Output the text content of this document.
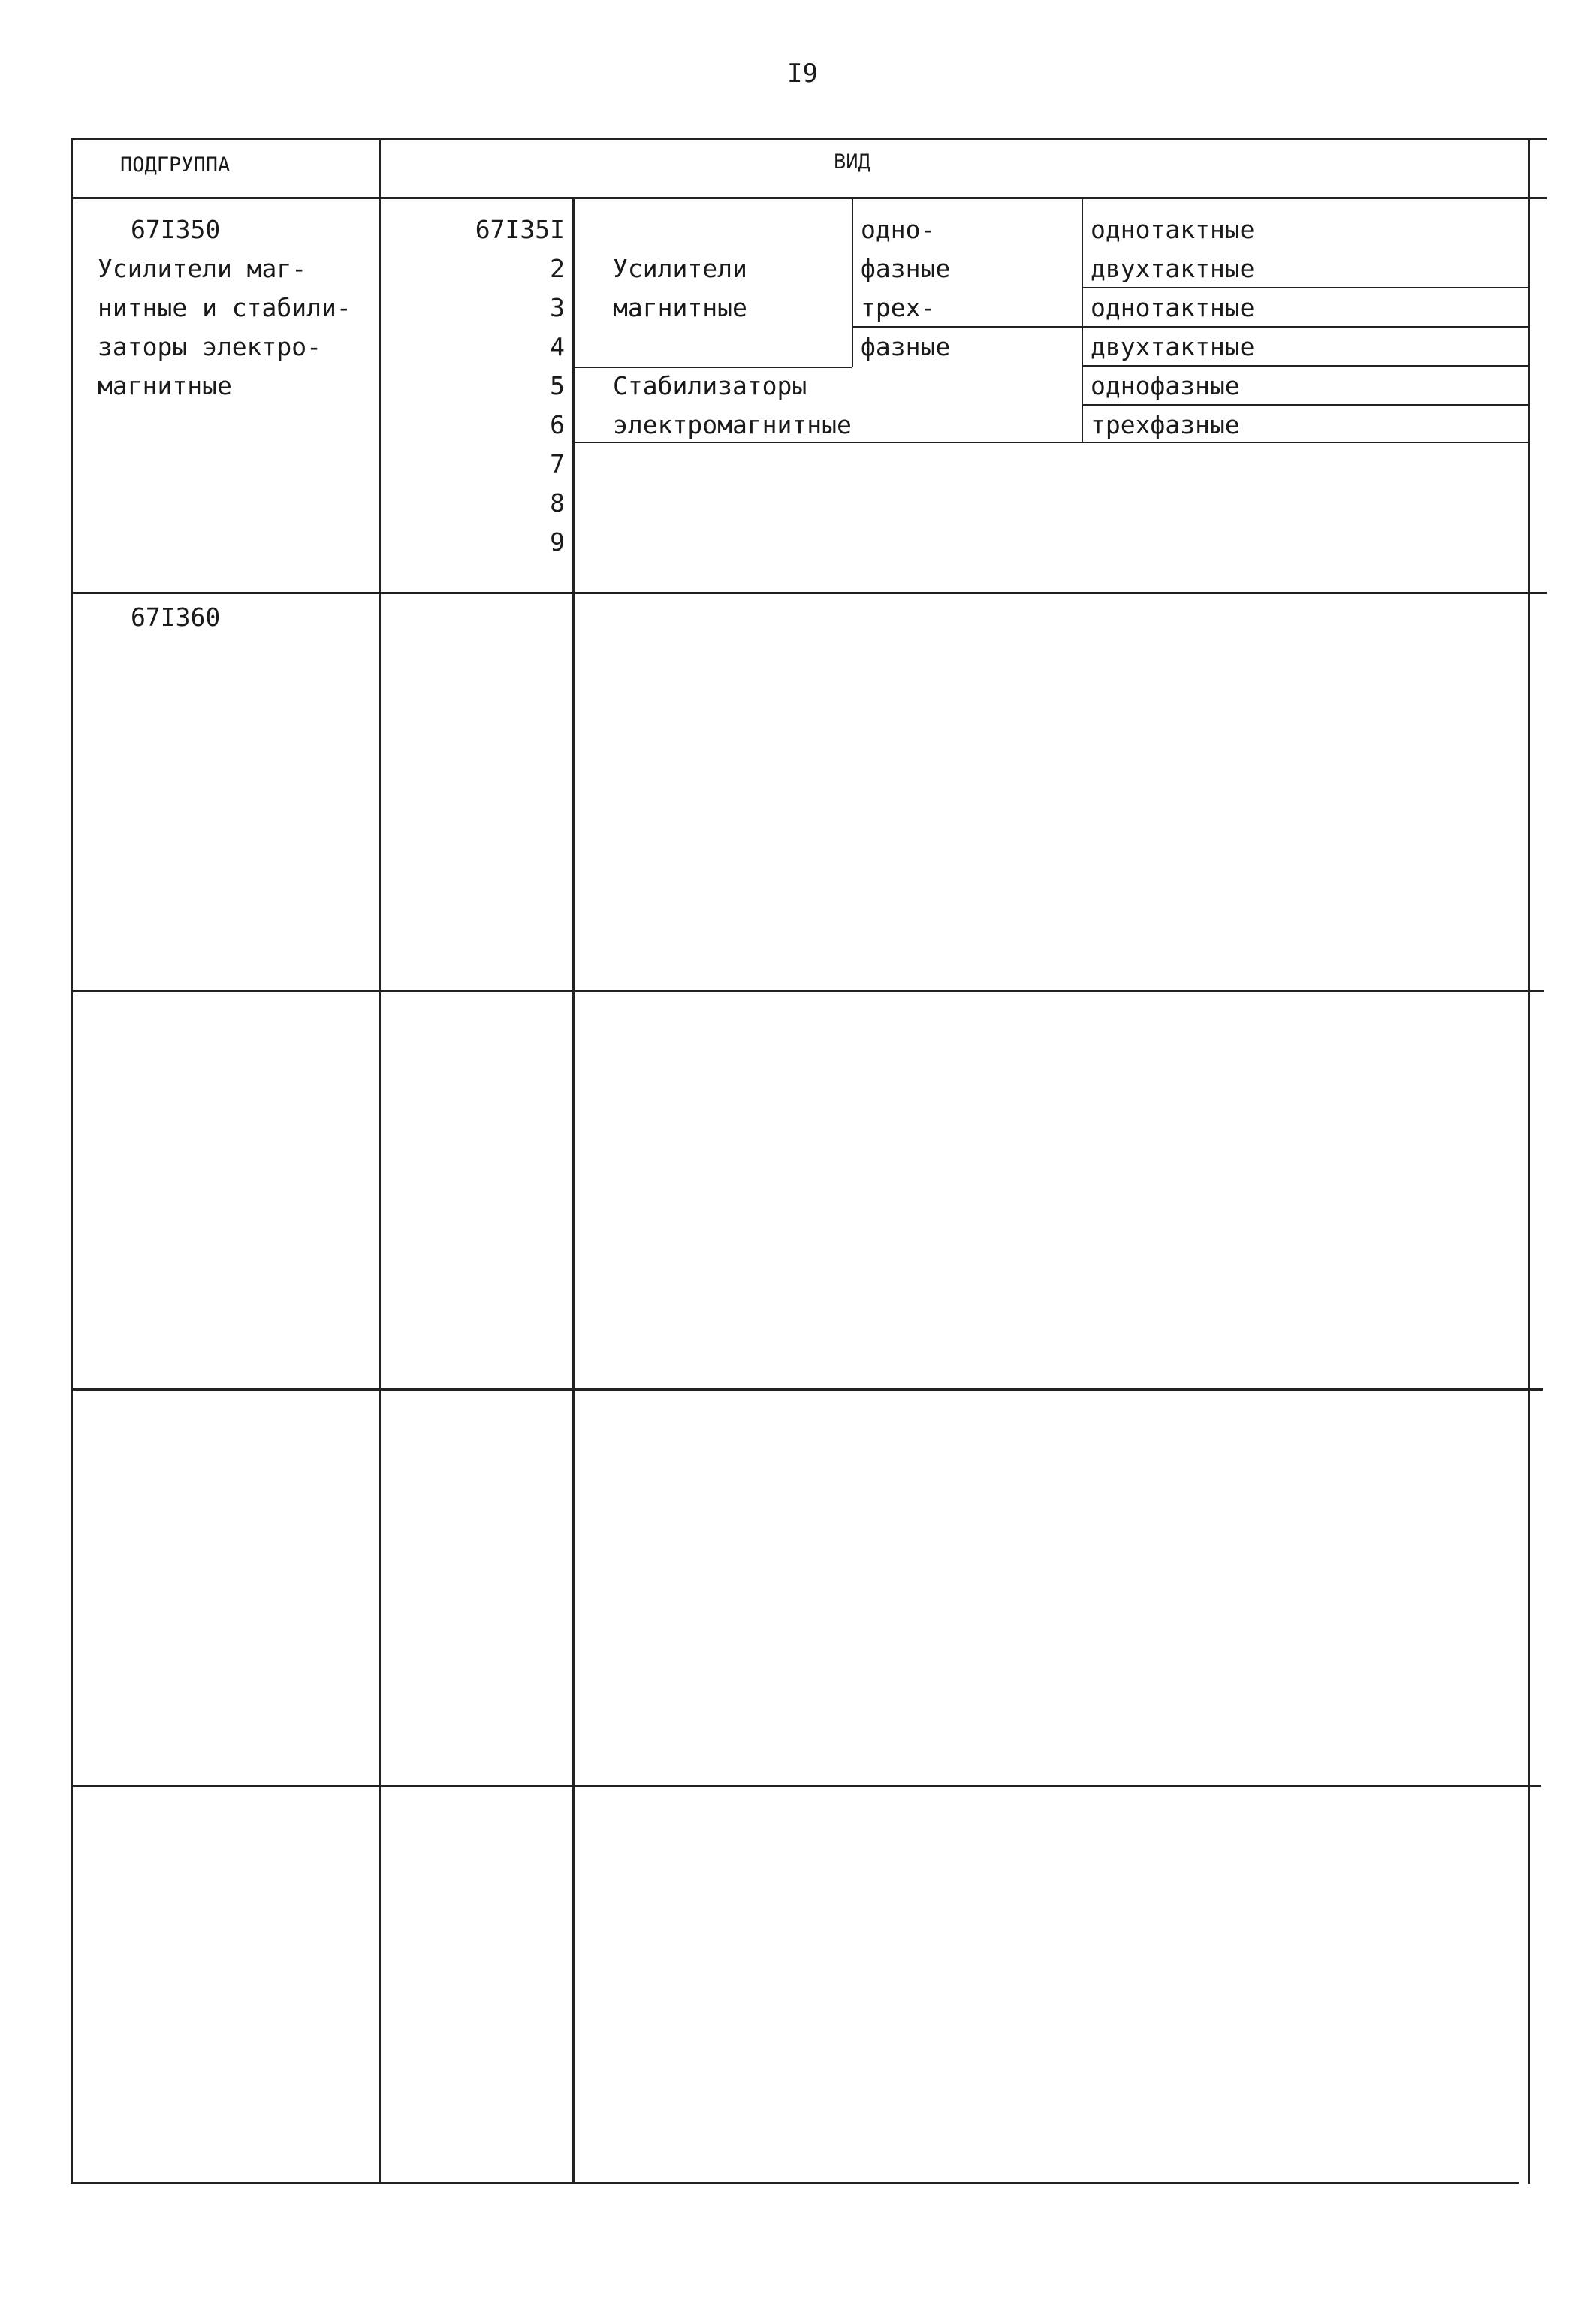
I9
ПОДГРУППА	ВИД
67I350
Усилители маг-
нитные и стабили-
заторы электро-
магнитные
67I35I
2
3
4
5
6
7
8
9
Усилители
магнитные
одно-
фазные
трех-
фазные
Стабилизаторы
электромагнитные
однотактные
двухтактные
однотактные
двухтактные
однофазные
трехфазные
67I360
